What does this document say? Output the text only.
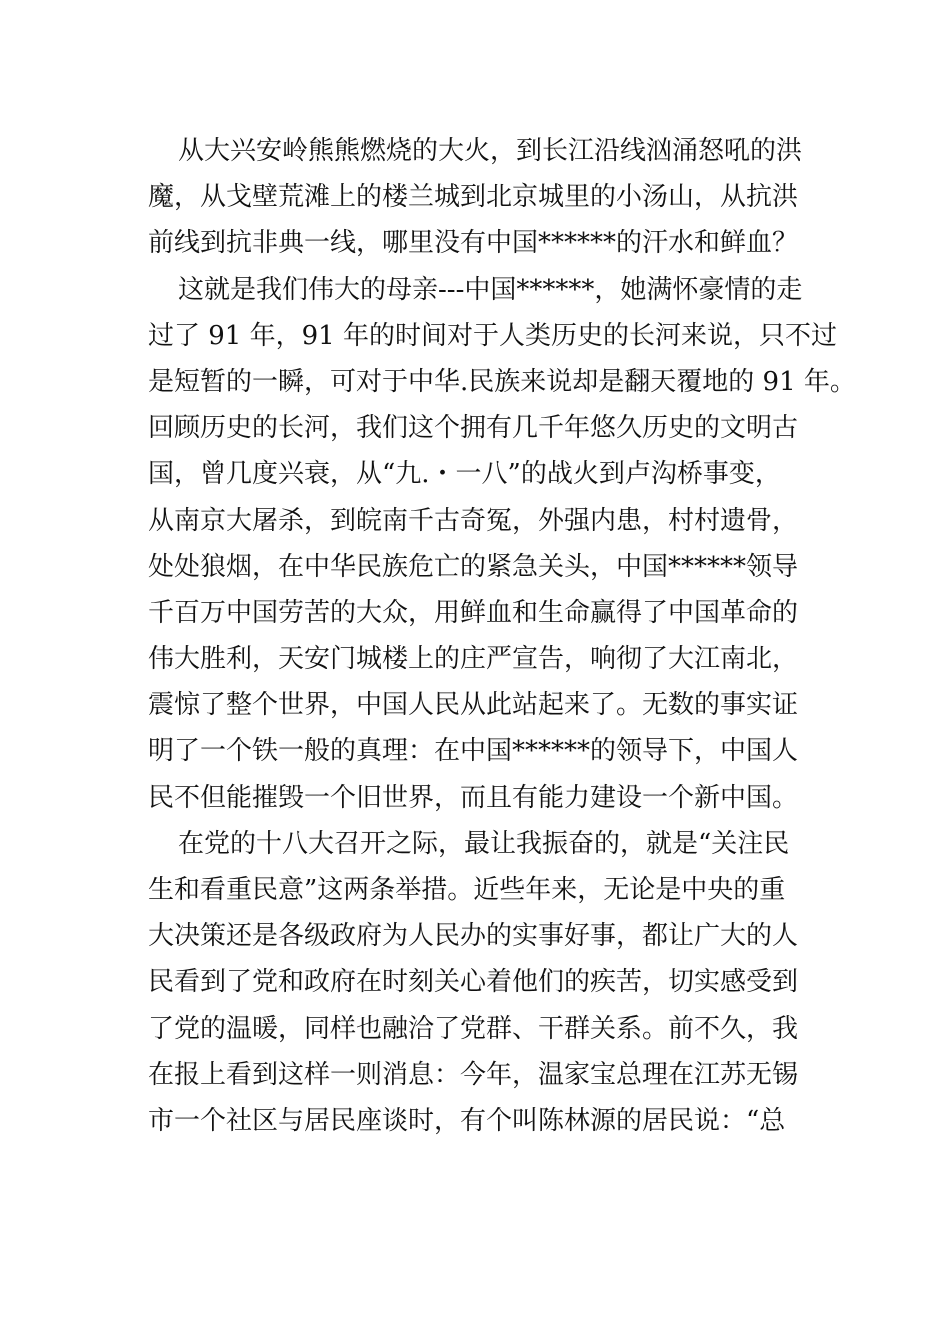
从大兴安岭熊熊燃烧的大火，到长江沿线汹涌怒吼的洪
魔，从戈壁荒滩上的楼兰城到北京城里的小汤山，从抗洪
前线到抗非典一线，哪里没有中国******的汗水和鲜血？
这就是我们伟大的母亲---中国******，她满怀豪情的走
过了 91 年，91 年的时间对于人类历史的长河来说，只不过
是短暂的一瞬，可对于中华.民族来说却是翻天覆地的 91 年。
回顾历史的长河，我们这个拥有几千年悠久历史的文明古
国，曾几度兴衰，从“九.・一八”的战火到卢沟桥事变，
从南京大屠杀，到皖南千古奇冤，外强内患，村村遗骨，
处处狼烟，在中华民族危亡的紧急关头，中国******领导
千百万中国劳苦的大众，用鲜血和生命赢得了中国革命的
伟大胜利，天安门城楼上的庄严宣告，响彻了大江南北，
震惊了整个世界，中国人民从此站起来了。无数的事实证
明了一个铁一般的真理：在中国******的领导下，中国人
民不但能摧毁一个旧世界，而且有能力建设一个新中国。
在党的十八大召开之际，最让我振奋的，就是“关注民
生和看重民意”这两条举措。近些年来，无论是中央的重
大决策还是各级政府为人民办的实事好事，都让广大的人
民看到了党和政府在时刻关心着他们的疾苦，切实感受到
了党的温暖，同样也融洽了党群、干群关系。前不久，我
在报上看到这样一则消息：今年，温家宝总理在江苏无锡
市一个社区与居民座谈时，有个叫陈林源的居民说：“总
